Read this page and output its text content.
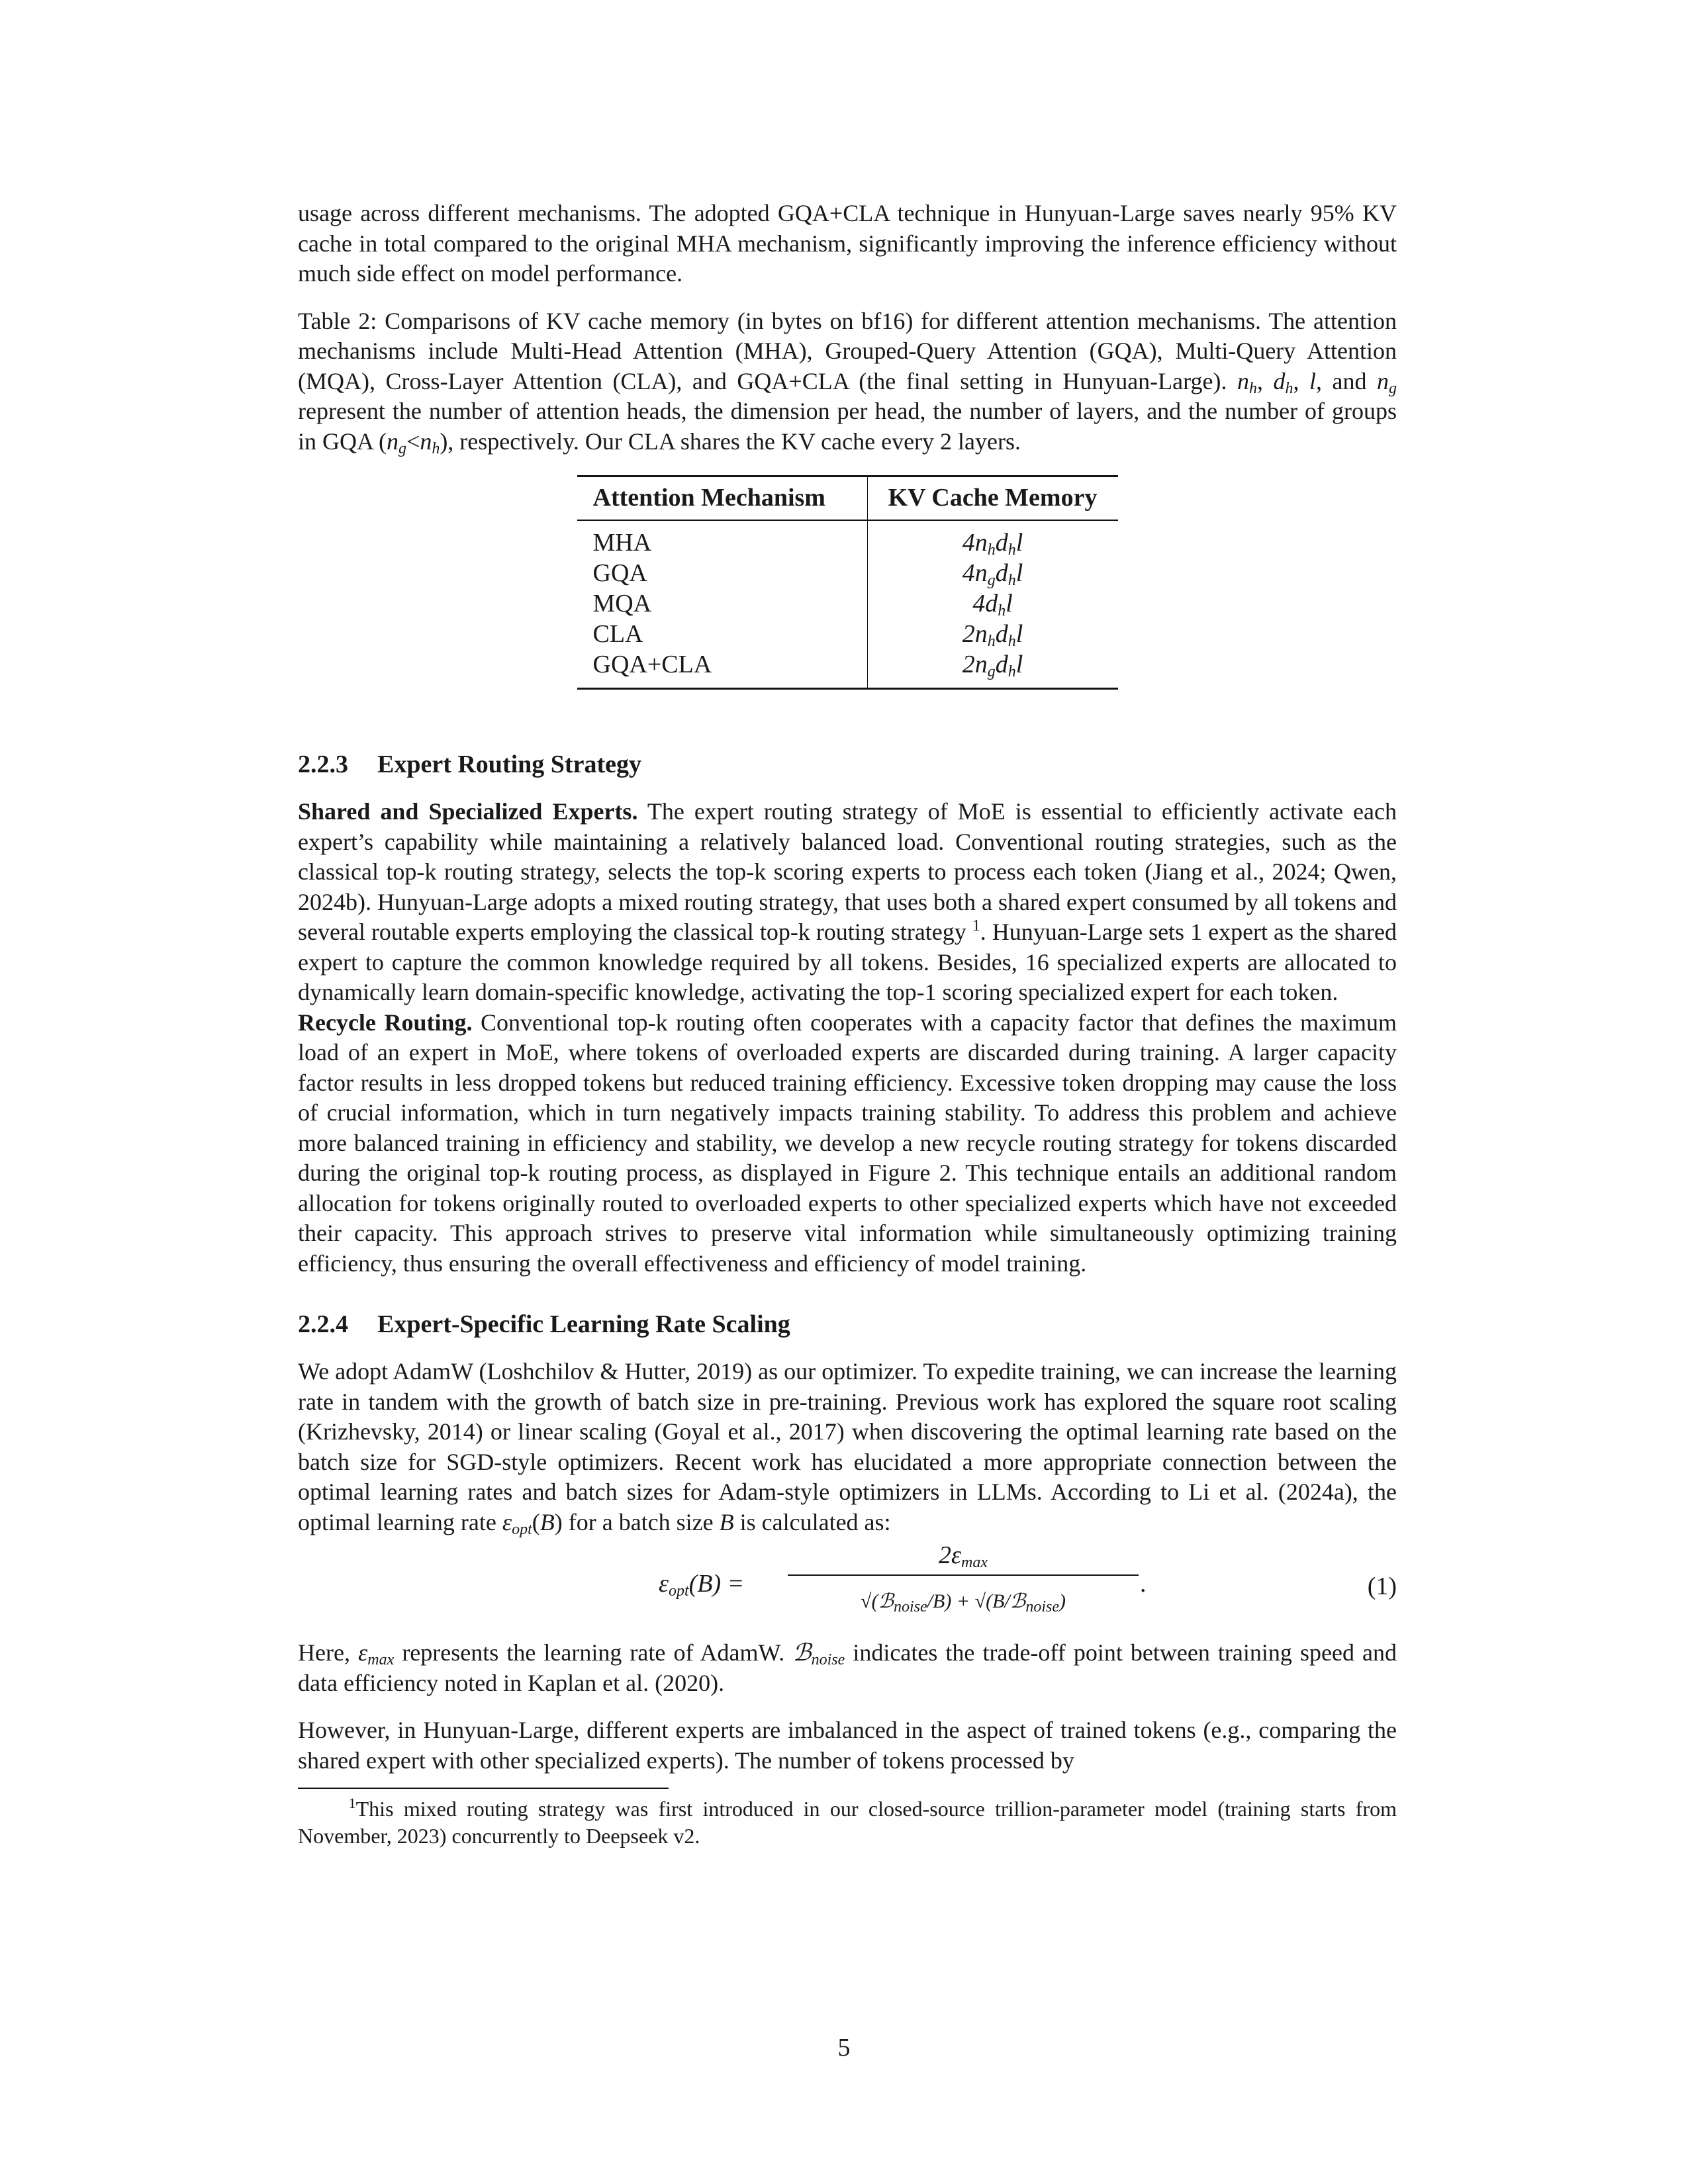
usage across different mechanisms. The adopted GQA+CLA technique in Hunyuan-Large saves nearly 95% KV cache in total compared to the original MHA mechanism, significantly improving the inference efficiency without much side effect on model performance.

Table 2: Comparisons of KV cache memory (in bytes on bf16) for different attention mechanisms. The attention mechanisms include Multi-Head Attention (MHA), Grouped-Query Attention (GQA), Multi-Query Attention (MQA), Cross-Layer Attention (CLA), and GQA+CLA (the final setting in Hunyuan-Large). $n_h$, $d_h$, l, and $n_g$ represent the number of attention heads, the dimension per head, the number of layers, and the number of groups in GQA $(n_g<n_h)$, respectively. Our CLA shares the KV cache every 2 layers.

Attention Mechanism	KV Cache Memory
MHA	$4n_hd_hl$
GQA	$4n_gd_hl$
MQA	$4d_hl$
CLA	$2n_hd_hl$
GQA+CLA	$2n_gd_hl$
2.2.3 Expert Routing Strategy

Shared and Specialized Experts. The expert routing strategy of MoE is essential to efficiently activate each expert’s capability while maintaining a relatively balanced load. Conventional routing strategies, such as the classical top-k routing strategy, selects the top-k scoring experts to process each token (Jiang et al., 2024; Qwen, 2024b). Hunyuan-Large adopts a mixed routing strategy, that uses both a shared expert consumed by all tokens and several routable experts employing the classical top-k routing strategy $^1$. Hunyuan-Large sets 1 expert as the shared expert to capture the common knowledge required by all tokens. Besides, 16 specialized experts are allocated to dynamically learn domain-specific knowledge, activating the top-1 scoring specialized expert for each token.
Recycle Routing. Conventional top-k routing often cooperates with a capacity factor that defines the maximum load of an expert in MoE, where tokens of overloaded experts are discarded during training. A larger capacity factor results in less dropped tokens but reduced training efficiency. Excessive token dropping may cause the loss of crucial information, which in turn negatively impacts training stability. To address this problem and achieve more balanced training in efficiency and stability, we develop a new recycle routing strategy for tokens discarded during the original top-k routing process, as displayed in Figure 2. This technique entails an additional random allocation for tokens originally routed to overloaded experts to other specialized experts which have not exceeded their capacity. This approach strives to preserve vital information while simultaneously optimizing training efficiency, thus ensuring the overall effectiveness and efficiency of model training.

2.2.4 Expert-Specific Learning Rate Scaling

We adopt AdamW (Loshchilov & Hutter, 2019) as our optimizer. To expedite training, we can increase the learning rate in tandem with the growth of batch size in pre-training. Previous work has explored the square root scaling (Krizhevsky, 2014) or linear scaling (Goyal et al., 2017) when discovering the optimal learning rate based on the batch size for SGD-style optimizers. Recent work has elucidated a more appropriate connection between the optimal learning rates and batch sizes for Adam-style optimizers in LLMs. According to Li et al. (2024a), the optimal learning rate $\varepsilon_{opt}(B)$ for a batch size B is calculated as:

$\varepsilon_{opt}(B)$ =
$2\varepsilon_{max}$
√(ℬ$_{noise}$/B) + √(B/ℬ$_{noise}$)
.	(1)

Here, $\varepsilon_{max}$ represents the learning rate of AdamW. ℬ$_{noise}$ indicates the trade-off point between training speed and data efficiency noted in Kaplan et al. (2020).

However, in Hunyuan-Large, different experts are imbalanced in the aspect of trained tokens (e.g., comparing the shared expert with other specialized experts). The number of tokens processed by

$^1$This mixed routing strategy was first introduced in our closed-source trillion-parameter model (training starts from November, 2023) concurrently to Deepseek v2.

5
